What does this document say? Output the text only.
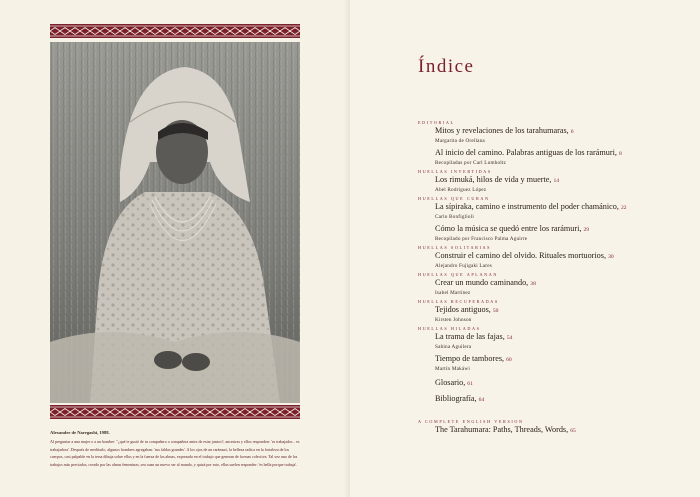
Alexander de Naregashi, 1988.

Al preguntar a una mujer o a un hombre: "¿qué te gustó de tu compañero o compañera antes de estar juntos?, ancestras y ellos responden: 'es trabajador... es trabajadora'. Después de meditarlo, algunos hombres agregaban: 'sus faldas grandes'. A los ojos de un rarámuri, la belleza radica en la fortaleza de los cuerpos, casi palpable en la tersa dibuja sobre ellos y en la fuerza de las almas, expresada en el trabajo que generan de formas colectiva. Tal vez uno de los trabajos más preciados, creado por las almas femeninas, sea cuan un nuevo ser al mundo, y quizá por esto, ellas suelen responder: 'es bella porque trabaja'.

Índice
EDITORIAL
Mitos y revelaciones de los tarahumaras, 6
Margarita de Orellana
Al inicio del camino. Palabras antiguas de los rarámuri, 8
Recopiladas por Carl Lumholtz
HUELLAS INVERTIDAS
Los rimuká, hilos de vida y muerte, 14
Abel Rodríguez López
HUELLAS QUE CURAN
La sípiraka, camino e instrumento del poder chamánico, 22
Carlo Bonfiglioli
Cómo la música se quedó entre los rarámuri, 29
Recopilado por Francisco Palma Aguirre
HUELLAS SOLITARIAS
Construir el camino del olvido. Rituales mortuorios, 30
Alejandro Fujigaki Lares
HUELLAS QUE APLANAN
Crear un mundo caminando, 38
Isabel Martínez
HUELLAS RECUPERADAS
Tejidos antiguos, 50
Kirsten Johnson
HUELLAS HILADAS
La trama de las fajas, 54
Sabina Aguilera
Tiempo de tambores, 60
Martín Makáwi
Glosario, 61
Bibliografía, 64
A COMPLETE ENGLISH VERSION
The Tarahumara: Paths, Threads, Words, 65
